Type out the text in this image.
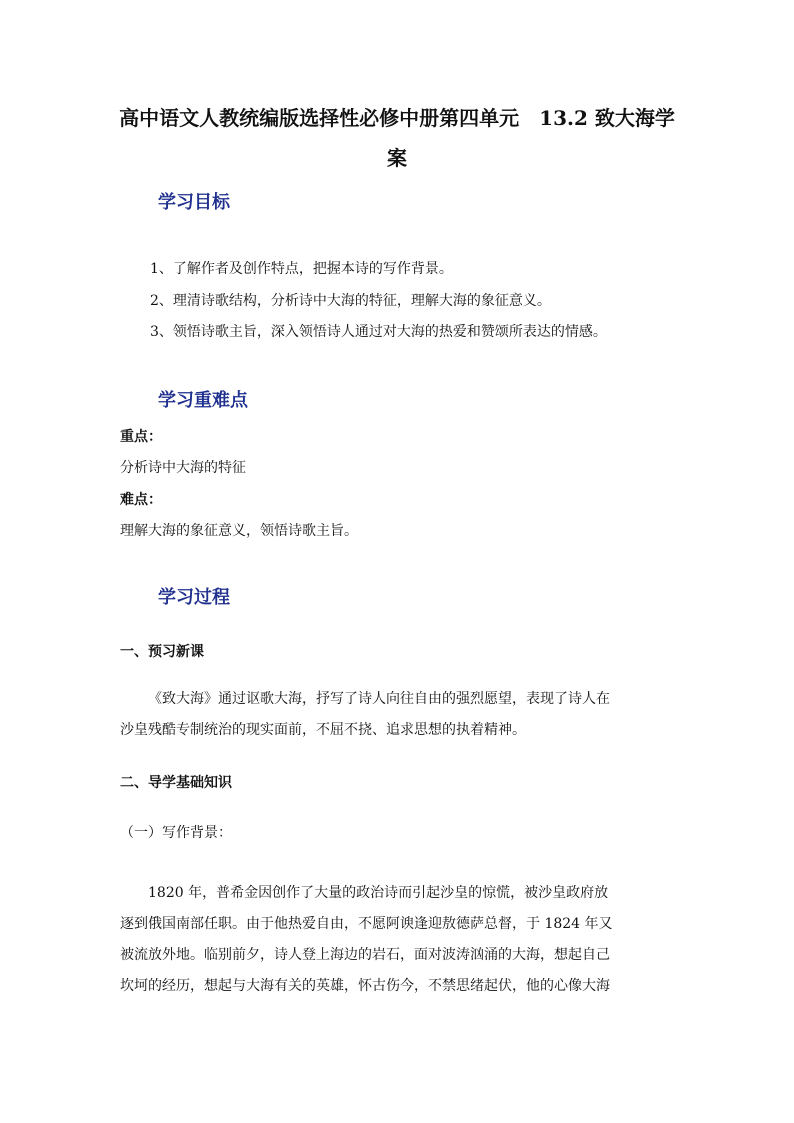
高中语文人教统编版选择性必修中册第四单元　13.2 致大海学案
学习目标
1、了解作者及创作特点，把握本诗的写作背景。
2、理清诗歌结构，分析诗中大海的特征，理解大海的象征意义。
3、领悟诗歌主旨，深入领悟诗人通过对大海的热爱和赞颂所表达的情感。
学习重难点
重点：
分析诗中大海的特征
难点：
理解大海的象征意义，领悟诗歌主旨。
学习过程
一、预习新课
《致大海》通过讴歌大海，抒写了诗人向往自由的强烈愿望，表现了诗人在
沙皇残酷专制统治的现实面前，不屈不挠、追求思想的执着精神。
二、导学基础知识
（一）写作背景：
1820 年，普希金因创作了大量的政治诗而引起沙皇的惊慌，被沙皇政府放
逐到俄国南部任职。由于他热爱自由，不愿阿谀逢迎敖德萨总督，于 1824 年又
被流放外地。临别前夕，诗人登上海边的岩石，面对波涛汹涌的大海，想起自己
坎坷的经历，想起与大海有关的英雄，怀古伤今，不禁思绪起伏，他的心像大海
